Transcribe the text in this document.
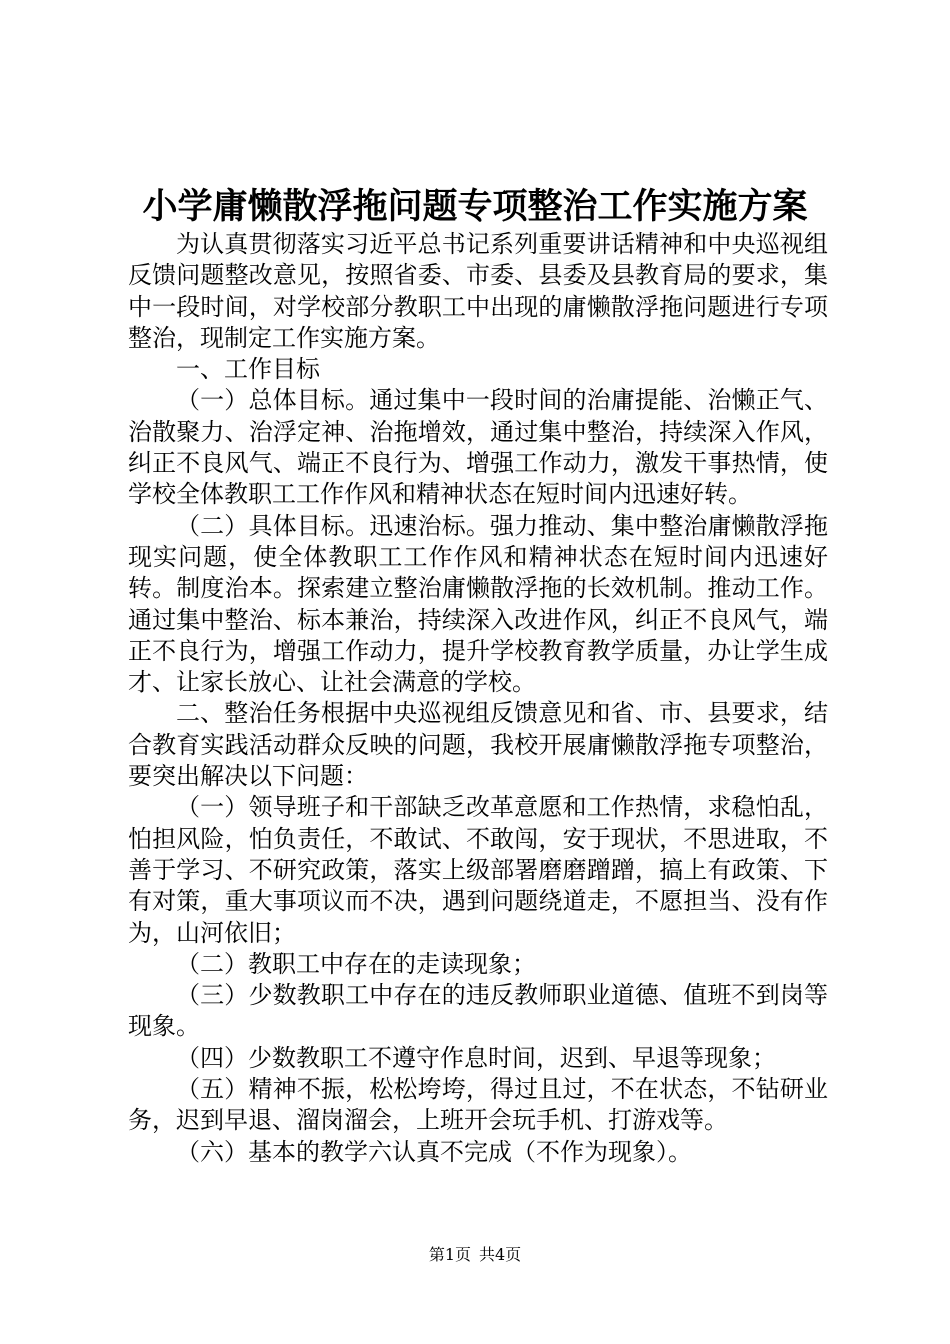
小学庸懒散浮拖问题专项整治工作实施方案

为认真贯彻落实习近平总书记系列重要讲话精神和中央巡视组反馈问题整改意见，按照省委、市委、县委及县教育局的要求，集中一段时间，对学校部分教职工中出现的庸懒散浮拖问题进行专项整治，现制定工作实施方案。

一、工作目标

（一）总体目标。通过集中一段时间的治庸提能、治懒正气、治散聚力、治浮定神、治拖增效，通过集中整治，持续深入作风，纠正不良风气、端正不良行为、增强工作动力，激发干事热情，使学校全体教职工工作作风和精神状态在短时间内迅速好转。

（二）具体目标。迅速治标。强力推动、集中整治庸懒散浮拖现实问题，使全体教职工工作作风和精神状态在短时间内迅速好转。制度治本。探索建立整治庸懒散浮拖的长效机制。推动工作。通过集中整治、标本兼治，持续深入改进作风，纠正不良风气，端正不良行为，增强工作动力，提升学校教育教学质量，办让学生成才、让家长放心、让社会满意的学校。

二、整治任务根据中央巡视组反馈意见和省、市、县要求，结合教育实践活动群众反映的问题，我校开展庸懒散浮拖专项整治，要突出解决以下问题：

（一）领导班子和干部缺乏改革意愿和工作热情，求稳怕乱，怕担风险，怕负责任，不敢试、不敢闯，安于现状，不思进取，不善于学习、不研究政策，落实上级部署磨磨蹭蹭，搞上有政策、下有对策，重大事项议而不决，遇到问题绕道走，不愿担当、没有作为，山河依旧；

（二）教职工中存在的走读现象；

（三）少数教职工中存在的违反教师职业道德、值班不到岗等现象。

（四）少数教职工不遵守作息时间，迟到、早退等现象；

（五）精神不振，松松垮垮，得过且过，不在状态，不钻研业务，迟到早退、溜岗溜会，上班开会玩手机、打游戏等。

（六）基本的教学六认真不完成（不作为现象）。

第1页 共4页
